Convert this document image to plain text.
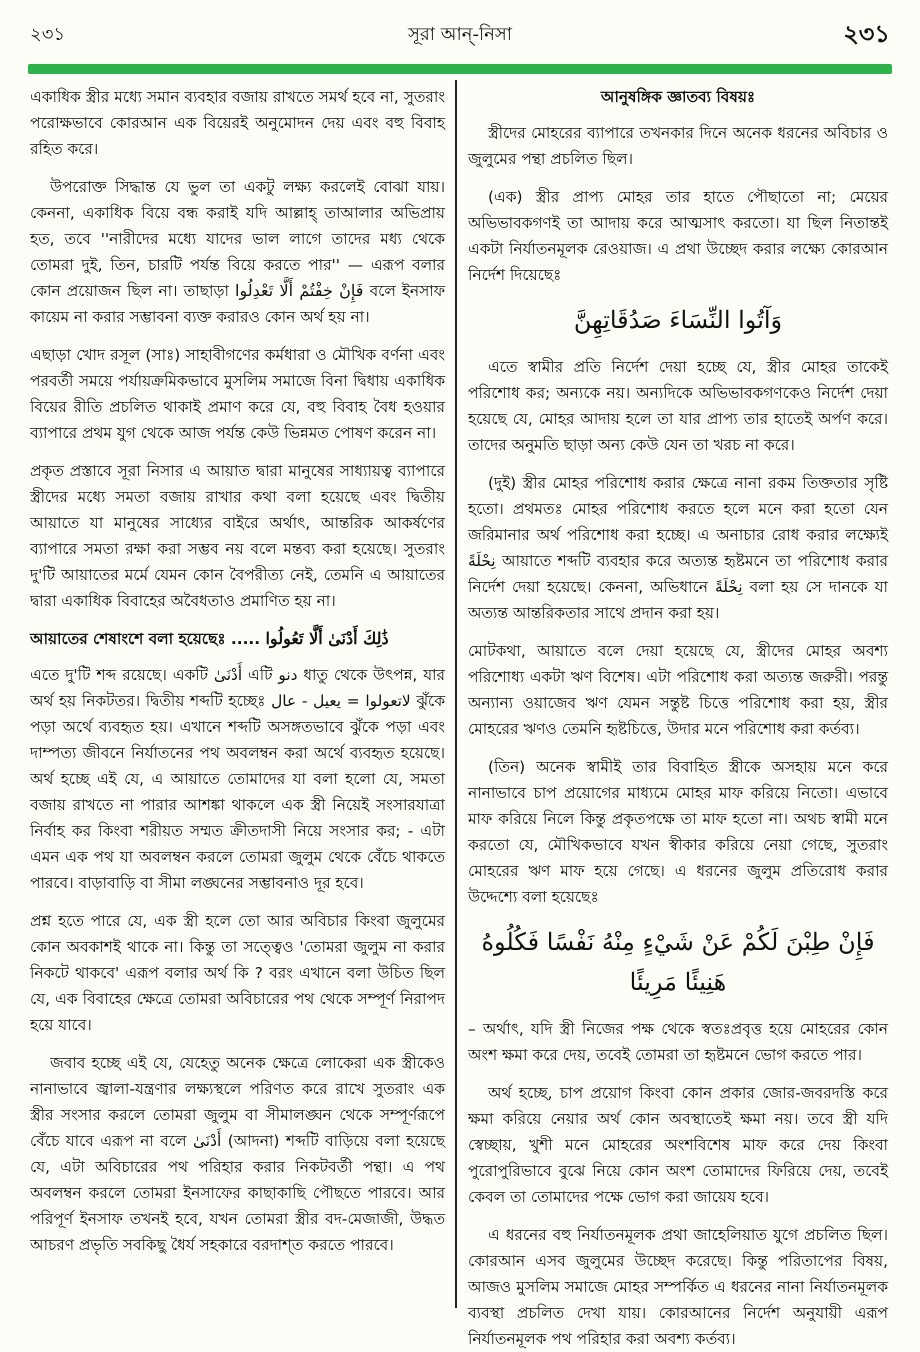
২৩১	সূরা আন্-নিসা	২৩১

একাধিক স্ত্রীর মধ্যে সমান ব্যবহার বজায় রাখতে সমর্থ হবে না, সুতরাং পরোক্ষভাবে কোরআন এক বিয়েরই অনুমোদন দেয় এবং বহু বিবাহ রহিত করে।

উপরোক্ত সিদ্ধান্ত যে ভুল তা একটু লক্ষ্য করলেই বোঝা যায়। কেননা, একাধিক বিয়ে বন্ধ করাই যদি আল্লাহ্ তাআলার অভিপ্রায় হত, তবে ''নারীদের মধ্যে যাদের ভাল লাগে তাদের মধ্য থেকে তোমরা দুই, তিন, চারটি পর্যন্ত বিয়ে করতে পার'' — এরূপ বলার কোন প্রয়োজন ছিল না। তাছাড়া فَإِنْ خِفْتُمْ أَلَّا تَعْدِلُوا বলে ইনসাফ কায়েম না করার সম্ভাবনা ব্যক্ত করারও কোন অর্থ হয় না।

এছাড়া খোদ রসূল (সাঃ) সাহাবীগণের কর্মধারা ও মৌখিক বর্ণনা এবং পরবর্তী সময়ে পর্যায়ক্রমিকভাবে মুসলিম সমাজে বিনা দ্বিধায় একাধিক বিয়ের রীতি প্রচলিত থাকাই প্রমাণ করে যে, বহু বিবাহ বৈধ হওয়ার ব্যাপারে প্রথম যুগ থেকে আজ পর্যন্ত কেউ ভিন্নমত পোষণ করেন না।

প্রকৃত প্রস্তাবে সূরা নিসার এ আয়াত দ্বারা মানুষের সাধ্যায়ত্ব ব্যাপারে স্ত্রীদের মধ্যে সমতা বজায় রাখার কথা বলা হয়েছে এবং দ্বিতীয় আয়াতে যা মানুষের সাধ্যের বাইরে অর্থাৎ, আন্তরিক আকর্ষণের ব্যাপারে সমতা রক্ষা করা সম্ভব নয় বলে মন্তব্য করা হয়েছে। সুতরাং দু'টি আয়াতের মর্মে যেমন কোন বৈপরীত্য নেই, তেমনি এ আয়াতের দ্বারা একাধিক বিবাহের অবৈধতাও প্রমাণিত হয় না।

আয়াতের শেষাংশে বলা হয়েছেঃ ..... ذَٰلِكَ أَدْنَىٰ أَلَّا تَعُولُوا

এতে দু'টি শব্দ রয়েছে। একটি أَدْنَىٰ এটি دنو ধাতু থেকে উৎপন্ন, যার অর্থ হয় নিকটতর। দ্বিতীয় শব্দটি হচ্ছেঃ لاتعولوا = يعيل - عال ঝুঁকে পড়া অর্থে ব্যবহৃত হয়। এখানে শব্দটি অসঙ্গতভাবে ঝুঁকে পড়া এবং দাম্পত্য জীবনে নির্যাতনের পথ অবলম্বন করা অর্থে ব্যবহৃত হয়েছে। অর্থ হচ্ছে এই যে, এ আয়াতে তোমাদের যা বলা হলো যে, সমতা বজায় রাখতে না পারার আশঙ্কা থাকলে এক স্ত্রী নিয়েই সংসারযাত্রা নির্বাহ কর কিংবা শরীয়ত সম্মত ক্রীতদাসী নিয়ে সংসার কর; - এটা এমন এক পথ যা অবলম্বন করলে তোমরা জুলুম থেকে বেঁচে থাকতে পারবে। বাড়াবাড়ি বা সীমা লঙ্ঘনের সম্ভাবনাও দূর হবে।

প্রশ্ন হতে পারে যে, এক স্ত্রী হলে তো আর অবিচার কিংবা জুলুমের কোন অবকাশই থাকে না। কিন্তু তা সত্ত্বেও 'তোমরা জুলুম না করার নিকটে থাকবে' এরূপ বলার অর্থ কি ? বরং এখানে বলা উচিত ছিল যে, এক বিবাহের ক্ষেত্রে তোমরা অবিচারের পথ থেকে সম্পূর্ণ নিরাপদ হয়ে যাবে।

জবাব হচ্ছে এই যে, যেহেতু অনেক ক্ষেত্রে লোকেরা এক স্ত্রীকেও নানাভাবে জ্বালা-যন্ত্রণার লক্ষ্যস্থলে পরিণত করে রাখে সুতরাং এক স্ত্রীর সংসার করলে তোমরা জুলুম বা সীমালঙ্ঘন থেকে সম্পূর্ণরূপে বেঁচে যাবে এরূপ না বলে أَدْنَىٰ (আদনা) শব্দটি বাড়িয়ে বলা হয়েছে যে, এটা অবিচারের পথ পরিহার করার নিকটবর্তী পন্থা। এ পথ অবলম্বন করলে তোমরা ইনসাফের কাছাকাছি পৌছতে পারবে। আর পরিপূর্ণ ইনসাফ তখনই হবে, যখন তোমরা স্ত্রীর বদ-মেজাজী, উদ্ধত আচরণ প্রভৃতি সবকিছু ধৈর্য সহকারে বরদাশ্‌ত করতে পারবে।

আনুষঙ্গিক জ্ঞাতব্য বিষয়ঃ

স্ত্রীদের মোহরের ব্যাপারে তখনকার দিনে অনেক ধরনের অবিচার ও জুলুমের পন্থা প্রচলিত ছিল।

(এক) স্ত্রীর প্রাপ্য মোহর তার হাতে পৌছাতো না; মেয়ের অভিভাবকগণই তা আদায় করে আত্মসাৎ করতো। যা ছিল নিতান্তই একটা নির্যাতনমূলক রেওয়াজ। এ প্রথা উচ্ছেদ করার লক্ষ্যে কোরআন নির্দেশ দিয়েছেঃ

وَآتُوا النِّسَاءَ صَدُقَاتِهِنَّ

এতে স্বামীর প্রতি নির্দেশ দেয়া হচ্ছে যে, স্ত্রীর মোহর তাকেই পরিশোধ কর; অন্যকে নয়। অন্যদিকে অভিভাবকগণকেও নির্দেশ দেয়া হয়েছে যে, মোহর আদায় হলে তা যার প্রাপ্য তার হাতেই অর্পণ করে। তাদের অনুমতি ছাড়া অন্য কেউ যেন তা খরচ না করে।

(দুই) স্ত্রীর মোহর পরিশোধ করার ক্ষেত্রে নানা রকম তিক্ততার সৃষ্টি হতো। প্রথমতঃ মোহর পরিশোধ করতে হলে মনে করা হতো যেন জরিমানার অর্থ পরিশোধ করা হচ্ছে। এ অনাচার রোধ করার লক্ষ্যেই نِحْلَةً আয়াতে শব্দটি ব্যবহার করে অত্যন্ত হৃষ্টমনে তা পরিশোধ করার নির্দেশ দেয়া হয়েছে। কেননা, অভিধানে نِحْلَةً বলা হয় সে দানকে যা অত্যন্ত আন্তরিকতার সাথে প্রদান করা হয়।

মোটকথা, আয়াতে বলে দেয়া হয়েছে যে, স্ত্রীদের মোহর অবশ্য পরিশোধ্য একটা ঋণ বিশেষ। এটা পরিশোধ করা অত্যন্ত জরুরী। পরন্তু অন্যান্য ওয়াজেব ঋণ যেমন সন্তুষ্ট চিত্তে পরিশোধ করা হয়, স্ত্রীর মোহরের ঋণও তেমনি হৃষ্টচিত্তে, উদার মনে পরিশোধ করা কর্তব্য।

(তিন) অনেক স্বামীই তার বিবাহিত স্ত্রীকে অসহায় মনে করে নানাভাবে চাপ প্রয়োগের মাধ্যমে মোহর মাফ করিয়ে নিতো। এভাবে মাফ করিয়ে নিলে কিন্তু প্রকৃতপক্ষে তা মাফ হতো না। অথচ স্বামী মনে করতো যে, মৌখিকভাবে যখন স্বীকার করিয়ে নেয়া গেছে, সুতরাং মোহরের ঋণ মাফ হয়ে গেছে। এ ধরনের জুলুম প্রতিরোধ করার উদ্দেশ্যে বলা হয়েছেঃ

فَإِنْ طِبْنَ لَكُمْ عَنْ شَيْءٍ مِنْهُ نَفْسًا فَكُلُوهُ هَنِيئًا مَرِيئًا

– অর্থাৎ, যদি স্ত্রী নিজের পক্ষ থেকে স্বতঃপ্রবৃত্ত হয়ে মোহরের কোন অংশ ক্ষমা করে দেয়, তবেই তোমরা তা হৃষ্টমনে ভোগ করতে পার।

অর্থ হচ্ছে, চাপ প্রয়োগ কিংবা কোন প্রকার জোর-জবরদস্তি করে ক্ষমা করিয়ে নেয়ার অর্থ কোন অবস্থাতেই ক্ষমা নয়। তবে স্ত্রী যদি স্বেচ্ছায়, খুশী মনে মোহরের অংশবিশেষ মাফ করে দেয় কিংবা পুরোপুরিভাবে বুঝে নিয়ে কোন অংশ তোমাদের ফিরিয়ে দেয়, তবেই কেবল তা তোমাদের পক্ষে ভোগ করা জায়েয হবে।

এ ধরনের বহু নির্যাতনমূলক প্রথা জাহেলিয়াত যুগে প্রচলিত ছিল। কোরআন এসব জুলুমের উচ্ছেদ করেছে। কিন্তু পরিতাপের বিষয়, আজও মুসলিম সমাজে মোহর সম্পর্কিত এ ধরনের নানা নির্যাতনমূলক ব্যবস্থা প্রচলিত দেখা যায়। কোরআনের নির্দেশ অনুযায়ী এরূপ নির্যাতনমূলক পথ পরিহার করা অবশ্য কর্তব্য।
